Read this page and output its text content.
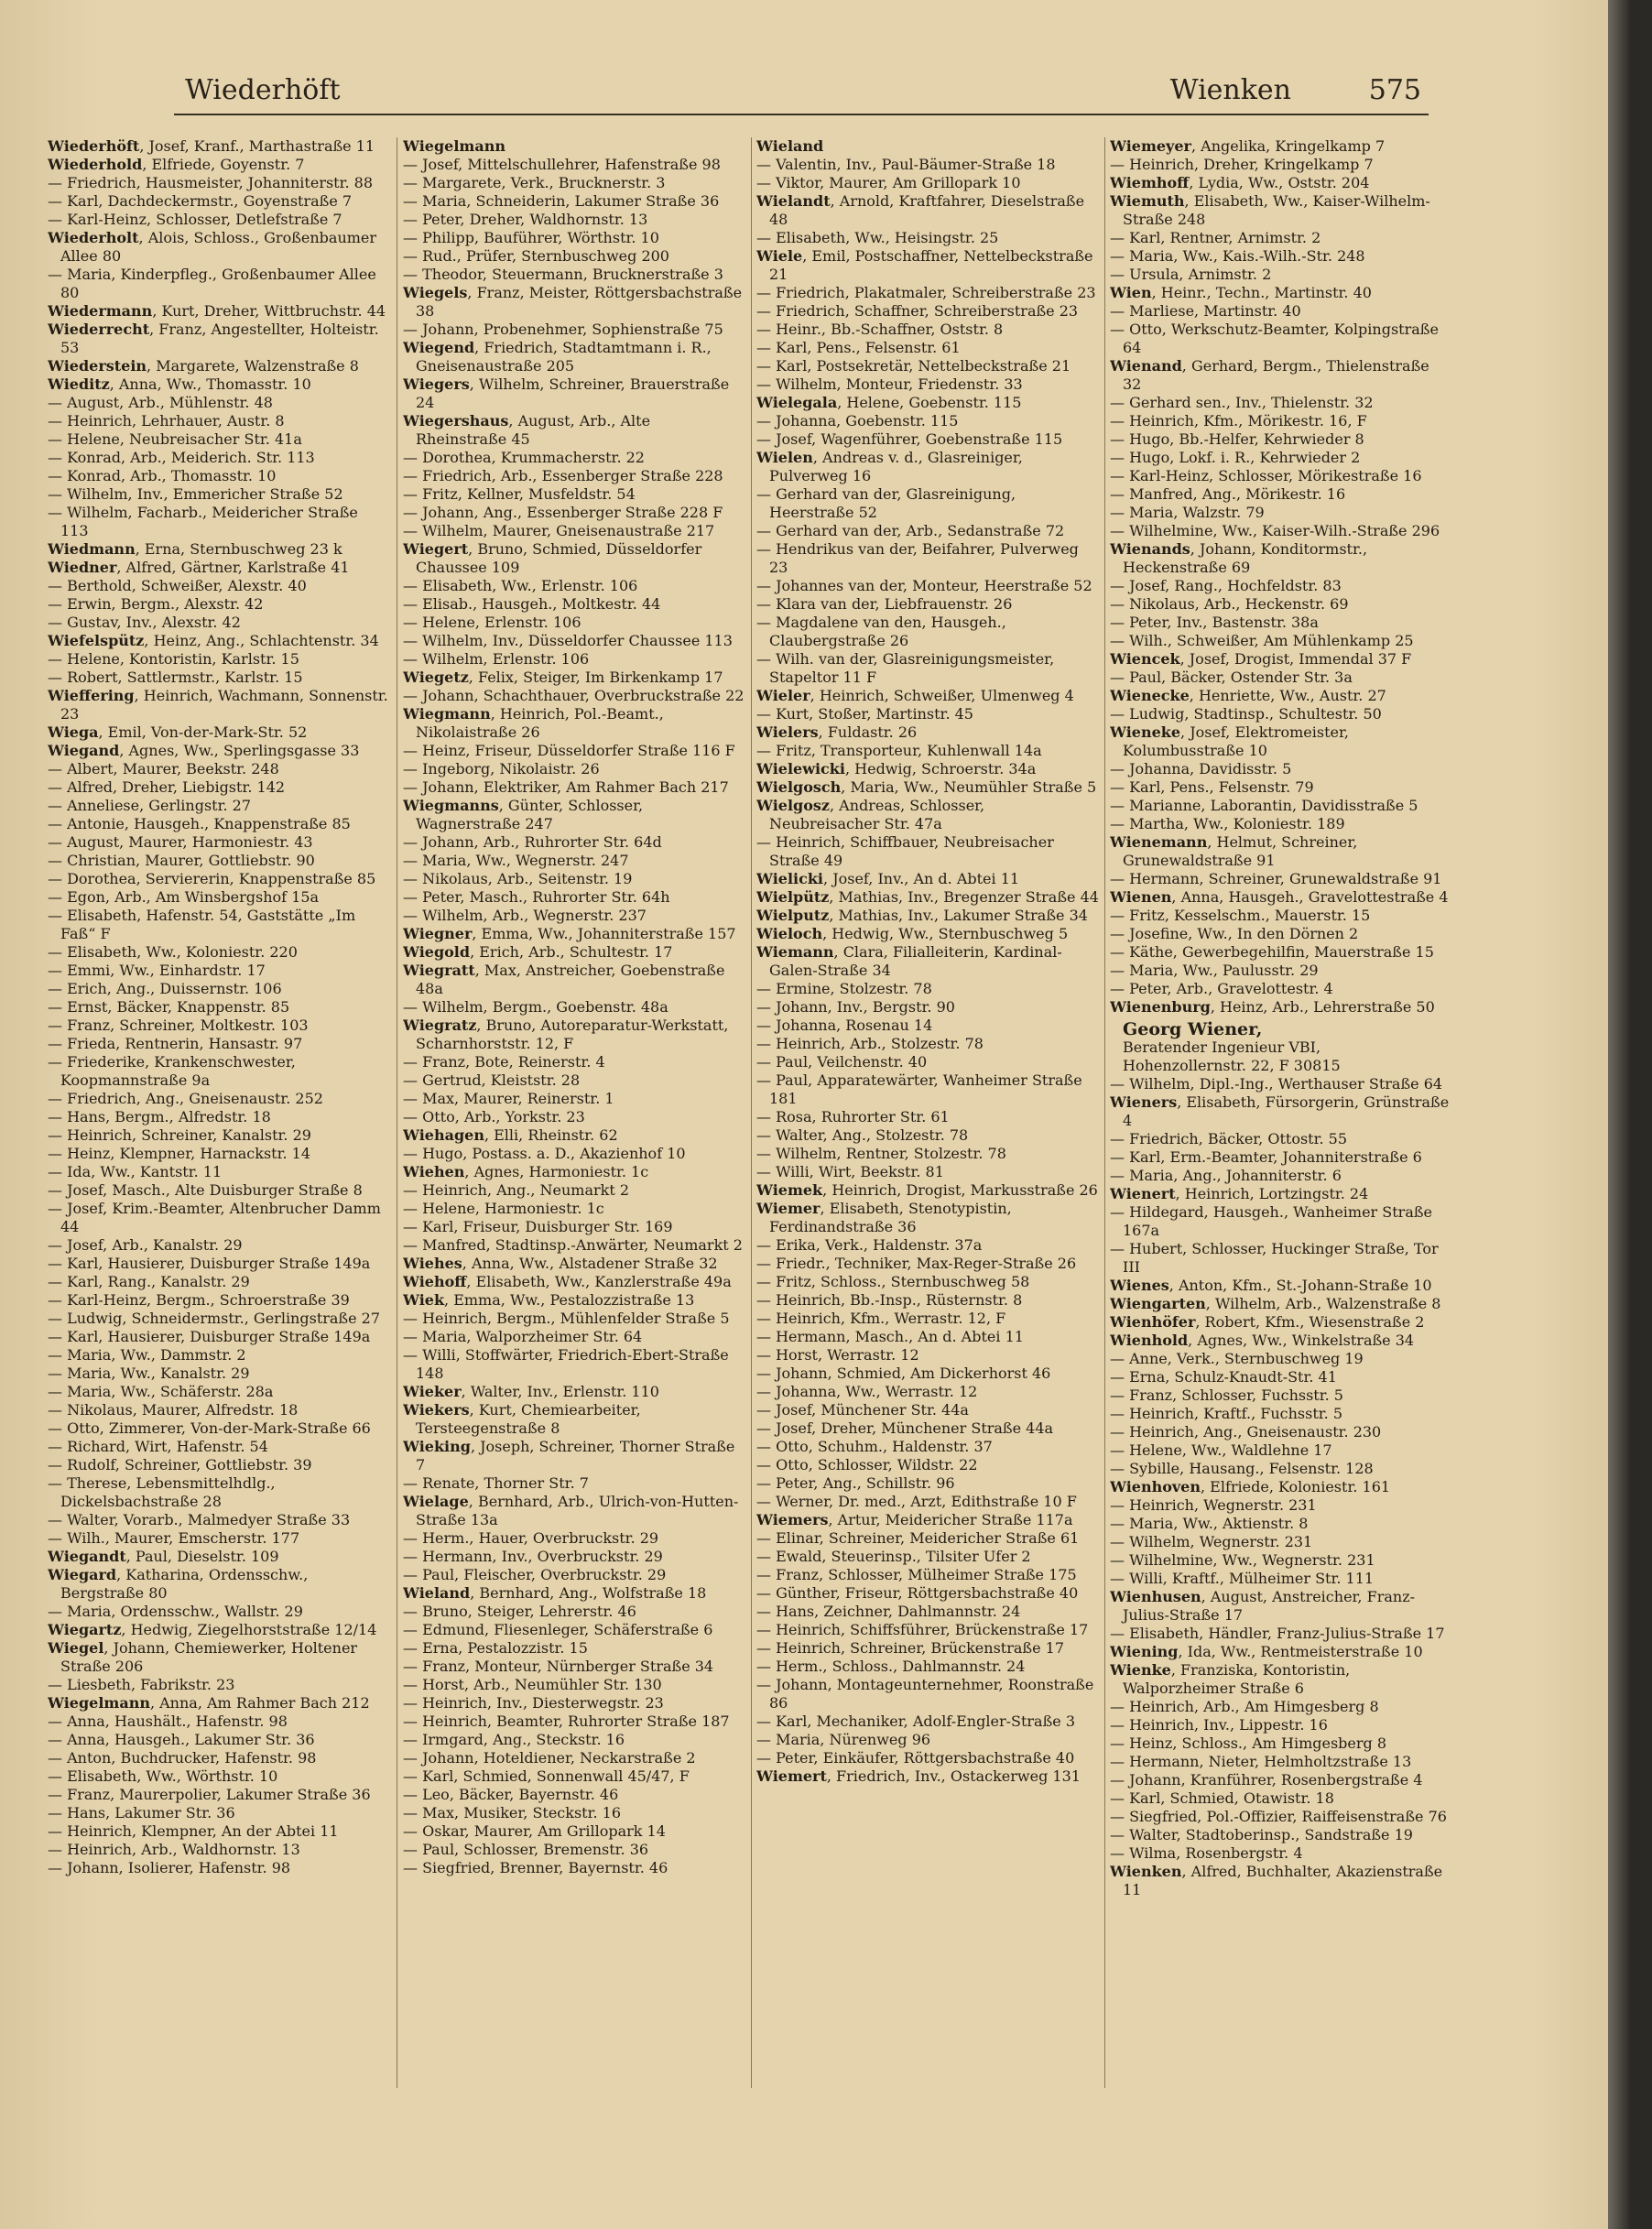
Wiederhöft	Wienken	575
Wiederhöft, Josef, Kranf., Marthastraße 11
Wiederhold, Elfriede, Goyenstr. 7
— Friedrich, Hausmeister, Johanniterstr. 88
— Karl, Dachdeckermstr., Goyenstraße 7
— Karl-Heinz, Schlosser, Detlefstraße 7
Wiederholt, Alois, Schloss., Großenbaumer Allee 80
— Maria, Kinderpfleg., Großenbaumer Allee 80
Wiedermann, Kurt, Dreher, Wittbruchstr. 44
Wiederrecht, Franz, Angestellter, Holteistr. 53
Wiederstein, Margarete, Walzenstraße 8
Wieditz, Anna, Ww., Thomasstr. 10
— August, Arb., Mühlenstr. 48
— Heinrich, Lehrhauer, Austr. 8
— Helene, Neubreisacher Str. 41a
— Konrad, Arb., Meiderich. Str. 113
— Konrad, Arb., Thomasstr. 10
— Wilhelm, Inv., Emmericher Straße 52
— Wilhelm, Facharb., Meidericher Straße 113
Wiedmann, Erna, Sternbuschweg 23 k
Wiedner, Alfred, Gärtner, Karlstraße 41
— Berthold, Schweißer, Alexstr. 40
— Erwin, Bergm., Alexstr. 42
— Gustav, Inv., Alexstr. 42
Wiefelspütz, Heinz, Ang., Schlachtenstr. 34
— Helene, Kontoristin, Karlstr. 15
— Robert, Sattlermstr., Karlstr. 15
Wieffering, Heinrich, Wachmann, Sonnenstr. 23
Wiega, Emil, Von-der-Mark-Str. 52
Wiegand, Agnes, Ww., Sperlingsgasse 33
— Albert, Maurer, Beekstr. 248
— Alfred, Dreher, Liebigstr. 142
— Anneliese, Gerlingstr. 27
— Antonie, Hausgeh., Knappenstraße 85
— August, Maurer, Harmoniestr. 43
— Christian, Maurer, Gottliebstr. 90
— Dorothea, Serviererin, Knappenstraße 85
— Egon, Arb., Am Winsbergshof 15a
— Elisabeth, Hafenstr. 54, Gaststätte „Im Faß“ F
— Elisabeth, Ww., Koloniestr. 220
— Emmi, Ww., Einhardstr. 17
— Erich, Ang., Duissernstr. 106
— Ernst, Bäcker, Knappenstr. 85
— Franz, Schreiner, Moltkestr. 103
— Frieda, Rentnerin, Hansastr. 97
— Friederike, Krankenschwester, Koopmannstraße 9a
— Friedrich, Ang., Gneisenaustr. 252
— Hans, Bergm., Alfredstr. 18
— Heinrich, Schreiner, Kanalstr. 29
— Heinz, Klempner, Harnackstr. 14
— Ida, Ww., Kantstr. 11
— Josef, Masch., Alte Duisburger Straße 8
— Josef, Krim.-Beamter, Altenbrucher Damm 44
— Josef, Arb., Kanalstr. 29
— Karl, Hausierer, Duisburger Straße 149a
— Karl, Rang., Kanalstr. 29
— Karl-Heinz, Bergm., Schroerstraße 39
— Ludwig, Schneidermstr., Gerlingstraße 27
— Karl, Hausierer, Duisburger Straße 149a
— Maria, Ww., Dammstr. 2
— Maria, Ww., Kanalstr. 29
— Maria, Ww., Schäferstr. 28a
— Nikolaus, Maurer, Alfredstr. 18
— Otto, Zimmerer, Von-der-Mark-Straße 66
— Richard, Wirt, Hafenstr. 54
— Rudolf, Schreiner, Gottliebstr. 39
— Therese, Lebensmittelhdlg., Dickelsbachstraße 28
— Walter, Vorarb., Malmedyer Straße 33
— Wilh., Maurer, Emscherstr. 177
Wiegandt, Paul, Dieselstr. 109
Wiegard, Katharina, Ordensschw., Bergstraße 80
— Maria, Ordensschw., Wallstr. 29
Wiegartz, Hedwig, Ziegelhorststraße 12/14
Wiegel, Johann, Chemiewerker, Holtener Straße 206
— Liesbeth, Fabrikstr. 23
Wiegelmann, Anna, Am Rahmer Bach 212
— Anna, Haushält., Hafenstr. 98
— Anna, Hausgeh., Lakumer Str. 36
— Anton, Buchdrucker, Hafenstr. 98
— Elisabeth, Ww., Wörthstr. 10
— Franz, Maurerpolier, Lakumer Straße 36
— Hans, Lakumer Str. 36
— Heinrich, Klempner, An der Abtei 11
— Heinrich, Arb., Waldhornstr. 13
— Johann, Isolierer, Hafenstr. 98
Wiegelmann
— Josef, Mittelschullehrer, Hafenstraße 98
— Margarete, Verk., Brucknerstr. 3
— Maria, Schneiderin, Lakumer Straße 36
— Peter, Dreher, Waldhornstr. 13
— Philipp, Bauführer, Wörthstr. 10
— Rud., Prüfer, Sternbuschweg 200
— Theodor, Steuermann, Brucknerstraße 3
Wiegels, Franz, Meister, Röttgersbachstraße 38
— Johann, Probenehmer, Sophienstraße 75
Wiegend, Friedrich, Stadtamtmann i. R., Gneisenaustraße 205
Wiegers, Wilhelm, Schreiner, Brauerstraße 24
Wiegershaus, August, Arb., Alte Rheinstraße 45
— Dorothea, Krummacherstr. 22
— Friedrich, Arb., Essenberger Straße 228
— Fritz, Kellner, Musfeldstr. 54
— Johann, Ang., Essenberger Straße 228 F
— Wilhelm, Maurer, Gneisenaustraße 217
Wiegert, Bruno, Schmied, Düsseldorfer Chaussee 109
— Elisabeth, Ww., Erlenstr. 106
— Elisab., Hausgeh., Moltkestr. 44
— Helene, Erlenstr. 106
— Wilhelm, Inv., Düsseldorfer Chaussee 113
— Wilhelm, Erlenstr. 106
Wiegetz, Felix, Steiger, Im Birkenkamp 17
— Johann, Schachthauer, Overbruckstraße 22
Wiegmann, Heinrich, Pol.-Beamt., Nikolaistraße 26
— Heinz, Friseur, Düsseldorfer Straße 116 F
— Ingeborg, Nikolaistr. 26
— Johann, Elektriker, Am Rahmer Bach 217
Wiegmanns, Günter, Schlosser, Wagnerstraße 247
— Johann, Arb., Ruhrorter Str. 64d
— Maria, Ww., Wegnerstr. 247
— Nikolaus, Arb., Seitenstr. 19
— Peter, Masch., Ruhrorter Str. 64h
— Wilhelm, Arb., Wegnerstr. 237
Wiegner, Emma, Ww., Johanniterstraße 157
Wiegold, Erich, Arb., Schultestr. 17
Wiegratt, Max, Anstreicher, Goebenstraße 48a
— Wilhelm, Bergm., Goebenstr. 48a
Wiegratz, Bruno, Autoreparatur-Werkstatt, Scharnhorststr. 12, F
— Franz, Bote, Reinerstr. 4
— Gertrud, Kleiststr. 28
— Max, Maurer, Reinerstr. 1
— Otto, Arb., Yorkstr. 23
Wiehagen, Elli, Rheinstr. 62
— Hugo, Postass. a. D., Akazienhof 10
Wiehen, Agnes, Harmoniestr. 1c
— Heinrich, Ang., Neumarkt 2
— Helene, Harmoniestr. 1c
— Karl, Friseur, Duisburger Str. 169
— Manfred, Stadtinsp.-Anwärter, Neumarkt 2
Wiehes, Anna, Ww., Alstadener Straße 32
Wiehoff, Elisabeth, Ww., Kanzlerstraße 49a
Wiek, Emma, Ww., Pestalozzistraße 13
— Heinrich, Bergm., Mühlenfelder Straße 5
— Maria, Walporzheimer Str. 64
— Willi, Stoffwärter, Friedrich-Ebert-Straße 148
Wieker, Walter, Inv., Erlenstr. 110
Wiekers, Kurt, Chemiearbeiter, Tersteegenstraße 8
Wieking, Joseph, Schreiner, Thorner Straße 7
— Renate, Thorner Str. 7
Wielage, Bernhard, Arb., Ulrich-von-Hutten-Straße 13a
— Herm., Hauer, Overbruckstr. 29
— Hermann, Inv., Overbruckstr. 29
— Paul, Fleischer, Overbruckstr. 29
Wieland, Bernhard, Ang., Wolfstraße 18
— Bruno, Steiger, Lehrerstr. 46
— Edmund, Fliesenleger, Schäferstraße 6
— Erna, Pestalozzistr. 15
— Franz, Monteur, Nürnberger Straße 34
— Horst, Arb., Neumühler Str. 130
— Heinrich, Inv., Diesterwegstr. 23
— Heinrich, Beamter, Ruhrorter Straße 187
— Irmgard, Ang., Steckstr. 16
— Johann, Hoteldiener, Neckarstraße 2
— Karl, Schmied, Sonnenwall 45/47, F
— Leo, Bäcker, Bayernstr. 46
— Max, Musiker, Steckstr. 16
— Oskar, Maurer, Am Grillopark 14
— Paul, Schlosser, Bremenstr. 36
— Siegfried, Brenner, Bayernstr. 46
Wieland
— Valentin, Inv., Paul-Bäumer-Straße 18
— Viktor, Maurer, Am Grillopark 10
Wielandt, Arnold, Kraftfahrer, Dieselstraße 48
— Elisabeth, Ww., Heisingstr. 25
Wiele, Emil, Postschaffner, Nettelbeckstraße 21
— Friedrich, Plakatmaler, Schreiberstraße 23
— Friedrich, Schaffner, Schreiberstraße 23
— Heinr., Bb.-Schaffner, Oststr. 8
— Karl, Pens., Felsenstr. 61
— Karl, Postsekretär, Nettelbeckstraße 21
— Wilhelm, Monteur, Friedenstr. 33
Wielegala, Helene, Goebenstr. 115
— Johanna, Goebenstr. 115
— Josef, Wagenführer, Goebenstraße 115
Wielen, Andreas v. d., Glasreiniger, Pulverweg 16
— Gerhard van der, Glasreinigung, Heerstraße 52
— Gerhard van der, Arb., Sedanstraße 72
— Hendrikus van der, Beifahrer, Pulverweg 23
— Johannes van der, Monteur, Heerstraße 52
— Klara van der, Liebfrauenstr. 26
— Magdalene van den, Hausgeh., Claubergstraße 26
— Wilh. van der, Glasreinigungsmeister, Stapeltor 11 F
Wieler, Heinrich, Schweißer, Ulmenweg 4
— Kurt, Stoßer, Martinstr. 45
Wielers, Fuldastr. 26
— Fritz, Transporteur, Kuhlenwall 14a
Wielewicki, Hedwig, Schroerstr. 34a
Wielgosch, Maria, Ww., Neumühler Straße 5
Wielgosz, Andreas, Schlosser, Neubreisacher Str. 47a
— Heinrich, Schiffbauer, Neubreisacher Straße 49
Wielicki, Josef, Inv., An d. Abtei 11
Wielpütz, Mathias, Inv., Bregenzer Straße 44
Wielputz, Mathias, Inv., Lakumer Straße 34
Wieloch, Hedwig, Ww., Sternbuschweg 5
Wiemann, Clara, Filialleiterin, Kardinal-Galen-Straße 34
— Ermine, Stolzestr. 78
— Johann, Inv., Bergstr. 90
— Johanna, Rosenau 14
— Heinrich, Arb., Stolzestr. 78
— Paul, Veilchenstr. 40
— Paul, Apparatewärter, Wanheimer Straße 181
— Rosa, Ruhrorter Str. 61
— Walter, Ang., Stolzestr. 78
— Wilhelm, Rentner, Stolzestr. 78
— Willi, Wirt, Beekstr. 81
Wiemek, Heinrich, Drogist, Markusstraße 26
Wiemer, Elisabeth, Stenotypistin, Ferdinandstraße 36
— Erika, Verk., Haldenstr. 37a
— Friedr., Techniker, Max-Reger-Straße 26
— Fritz, Schloss., Sternbuschweg 58
— Heinrich, Bb.-Insp., Rüsternstr. 8
— Heinrich, Kfm., Werrastr. 12, F
— Hermann, Masch., An d. Abtei 11
— Horst, Werrastr. 12
— Johann, Schmied, Am Dickerhorst 46
— Johanna, Ww., Werrastr. 12
— Josef, Münchener Str. 44a
— Josef, Dreher, Münchener Straße 44a
— Otto, Schuhm., Haldenstr. 37
— Otto, Schlosser, Wildstr. 22
— Peter, Ang., Schillstr. 96
— Werner, Dr. med., Arzt, Edithstraße 10 F
Wiemers, Artur, Meidericher Straße 117a
— Elinar, Schreiner, Meidericher Straße 61
— Ewald, Steuerinsp., Tilsiter Ufer 2
— Franz, Schlosser, Mülheimer Straße 175
— Günther, Friseur, Röttgersbachstraße 40
— Hans, Zeichner, Dahlmannstr. 24
— Heinrich, Schiffsführer, Brückenstraße 17
— Heinrich, Schreiner, Brückenstraße 17
— Herm., Schloss., Dahlmannstr. 24
— Johann, Montageunternehmer, Roonstraße 86
— Karl, Mechaniker, Adolf-Engler-Straße 3
— Maria, Nürenweg 96
— Peter, Einkäufer, Röttgersbachstraße 40
Wiemert, Friedrich, Inv., Ostackerweg 131
Wiemeyer, Angelika, Kringelkamp 7
— Heinrich, Dreher, Kringelkamp 7
Wiemhoff, Lydia, Ww., Oststr. 204
Wiemuth, Elisabeth, Ww., Kaiser-Wilhelm-Straße 248
— Karl, Rentner, Arnimstr. 2
— Maria, Ww., Kais.-Wilh.-Str. 248
— Ursula, Arnimstr. 2
Wien, Heinr., Techn., Martinstr. 40
— Marliese, Martinstr. 40
— Otto, Werkschutz-Beamter, Kolpingstraße 64
Wienand, Gerhard, Bergm., Thielenstraße 32
— Gerhard sen., Inv., Thielenstr. 32
— Heinrich, Kfm., Mörikestr. 16, F
— Hugo, Bb.-Helfer, Kehrwieder 8
— Hugo, Lokf. i. R., Kehrwieder 2
— Karl-Heinz, Schlosser, Mörikestraße 16
— Manfred, Ang., Mörikestr. 16
— Maria, Walzstr. 79
— Wilhelmine, Ww., Kaiser-Wilh.-Straße 296
Wienands, Johann, Konditormstr., Heckenstraße 69
— Josef, Rang., Hochfeldstr. 83
— Nikolaus, Arb., Heckenstr. 69
— Peter, Inv., Bastenstr. 38a
— Wilh., Schweißer, Am Mühlenkamp 25
Wiencek, Josef, Drogist, Immendal 37 F
— Paul, Bäcker, Ostender Str. 3a
Wienecke, Henriette, Ww., Austr. 27
— Ludwig, Stadtinsp., Schultestr. 50
Wieneke, Josef, Elektromeister, Kolumbusstraße 10
— Johanna, Davidisstr. 5
— Karl, Pens., Felsenstr. 79
— Marianne, Laborantin, Davidisstraße 5
— Martha, Ww., Koloniestr. 189
Wienemann, Helmut, Schreiner, Grunewaldstraße 91
— Hermann, Schreiner, Grunewaldstraße 91
Wienen, Anna, Hausgeh., Gravelottestraße 4
— Fritz, Kesselschm., Mauerstr. 15
— Josefine, Ww., In den Dörnen 2
— Käthe, Gewerbegehilfin, Mauerstraße 15
— Maria, Ww., Paulusstr. 29
— Peter, Arb., Gravelottestr. 4
Wienenburg, Heinz, Arb., Lehrerstraße 50
Georg Wiener,
Beratender Ingenieur VBI,
Hohenzollernstr. 22, F 30815
— Wilhelm, Dipl.-Ing., Werthauser Straße 64
Wieners, Elisabeth, Fürsorgerin, Grünstraße 4
— Friedrich, Bäcker, Ottostr. 55
— Karl, Erm.-Beamter, Johanniterstraße 6
— Maria, Ang., Johanniterstr. 6
Wienert, Heinrich, Lortzingstr. 24
— Hildegard, Hausgeh., Wanheimer Straße 167a
— Hubert, Schlosser, Huckinger Straße, Tor III
Wienes, Anton, Kfm., St.-Johann-Straße 10
Wiengarten, Wilhelm, Arb., Walzenstraße 8
Wienhöfer, Robert, Kfm., Wiesenstraße 2
Wienhold, Agnes, Ww., Winkelstraße 34
— Anne, Verk., Sternbuschweg 19
— Erna, Schulz-Knaudt-Str. 41
— Franz, Schlosser, Fuchsstr. 5
— Heinrich, Kraftf., Fuchsstr. 5
— Heinrich, Ang., Gneisenaustr. 230
— Helene, Ww., Waldlehne 17
— Sybille, Hausang., Felsenstr. 128
Wienhoven, Elfriede, Koloniestr. 161
— Heinrich, Wegnerstr. 231
— Maria, Ww., Aktienstr. 8
— Wilhelm, Wegnerstr. 231
— Wilhelmine, Ww., Wegnerstr. 231
— Willi, Kraftf., Mülheimer Str. 111
Wienhusen, August, Anstreicher, Franz-Julius-Straße 17
— Elisabeth, Händler, Franz-Julius-Straße 17
Wiening, Ida, Ww., Rentmeisterstraße 10
Wienke, Franziska, Kontoristin, Walporzheimer Straße 6
— Heinrich, Arb., Am Himgesberg 8
— Heinrich, Inv., Lippestr. 16
— Heinz, Schloss., Am Himgesberg 8
— Hermann, Nieter, Helmholtzstraße 13
— Johann, Kranführer, Rosenbergstraße 4
— Karl, Schmied, Otawistr. 18
— Siegfried, Pol.-Offizier, Raiffeisenstraße 76
— Walter, Stadtoberinsp., Sandstraße 19
— Wilma, Rosenbergstr. 4
Wienken, Alfred, Buchhalter, Akazienstraße 11
